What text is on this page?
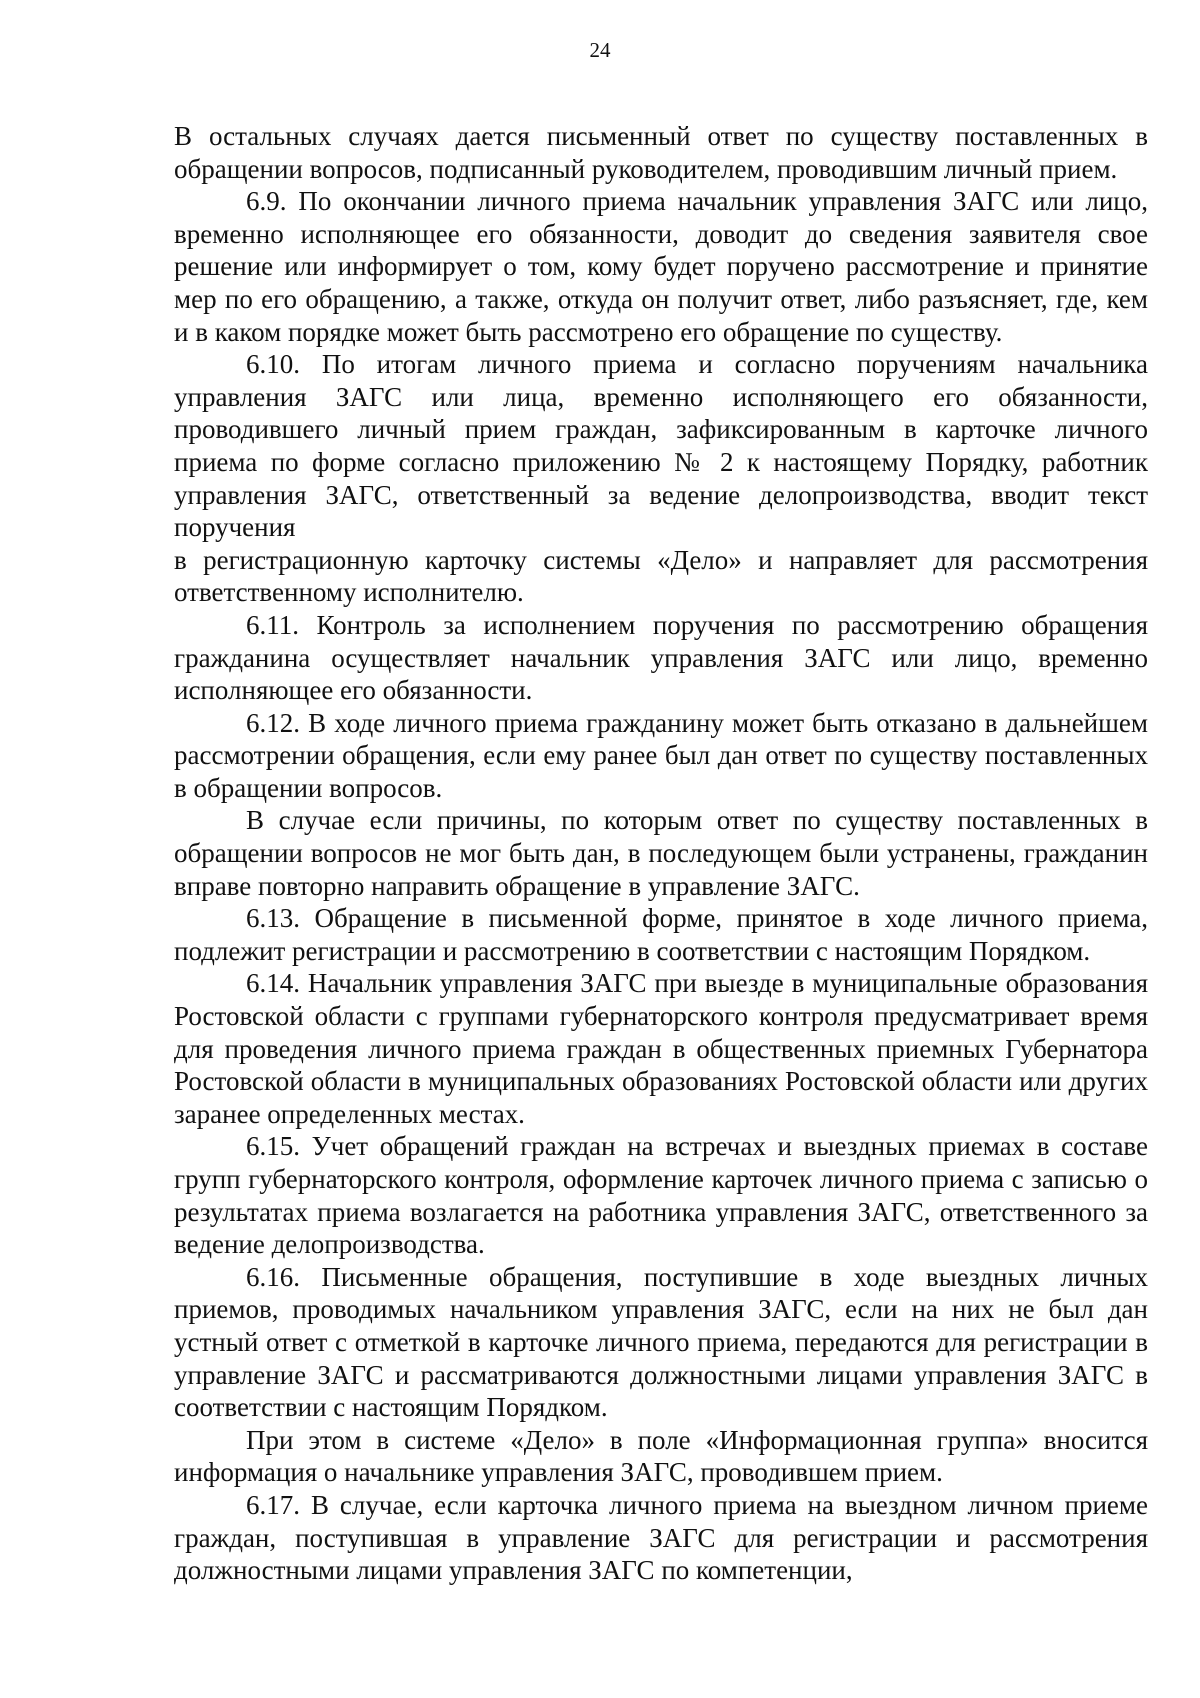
24

В остальных случаях дается письменный ответ по существу поставленных в обращении вопросов, подписанный руководителем, проводившим личный прием.

6.9. По окончании личного приема начальник управления ЗАГС или лицо, временно исполняющее его обязанности, доводит до сведения заявителя свое решение или информирует о том, кому будет поручено рассмотрение и принятие мер по его обращению, а также, откуда он получит ответ, либо разъясняет, где, кем и в каком порядке может быть рассмотрено его обращение по существу.

6.10. По итогам личного приема и согласно поручениям начальника управления ЗАГС или лица, временно исполняющего его обязанности, проводившего личный прием граждан, зафиксированным в карточке личного приема по форме согласно приложению № 2 к настоящему Порядку, работник управления ЗАГС, ответственный за ведение делопроизводства, вводит текст поручения

в регистрационную карточку системы «Дело» и направляет для рассмотрения ответственному исполнителю.

6.11. Контроль за исполнением поручения по рассмотрению обращения гражданина осуществляет начальник управления ЗАГС или лицо, временно исполняющее его обязанности.

6.12. В ходе личного приема гражданину может быть отказано в дальнейшем рассмотрении обращения, если ему ранее был дан ответ по существу поставленных в обращении вопросов.

В случае если причины, по которым ответ по существу поставленных в обращении вопросов не мог быть дан, в последующем были устранены, гражданин вправе повторно направить обращение в управление ЗАГС.

6.13. Обращение в письменной форме, принятое в ходе личного приема, подлежит регистрации и рассмотрению в соответствии с настоящим Порядком.

6.14. Начальник управления ЗАГС при выезде в муниципальные образования Ростовской области с группами губернаторского контроля предусматривает время для проведения личного приема граждан в общественных приемных Губернатора Ростовской области в муниципальных образованиях Ростовской области или других заранее определенных местах.

6.15. Учет обращений граждан на встречах и выездных приемах в составе групп губернаторского контроля, оформление карточек личного приема с записью о результатах приема возлагается на работника управления ЗАГС, ответственного за ведение делопроизводства.

6.16. Письменные обращения, поступившие в ходе выездных личных приемов, проводимых начальником управления ЗАГС, если на них не был дан устный ответ с отметкой в карточке личного приема, передаются для регистрации в управление ЗАГС и рассматриваются должностными лицами управления ЗАГС в соответствии с настоящим Порядком.

При этом в системе «Дело» в поле «Информационная группа» вносится информация о начальнике управления ЗАГС, проводившем прием.

6.17. В случае, если карточка личного приема на выездном личном приеме граждан, поступившая в управление ЗАГС для регистрации и рассмотрения должностными лицами управления ЗАГС по компетенции,
